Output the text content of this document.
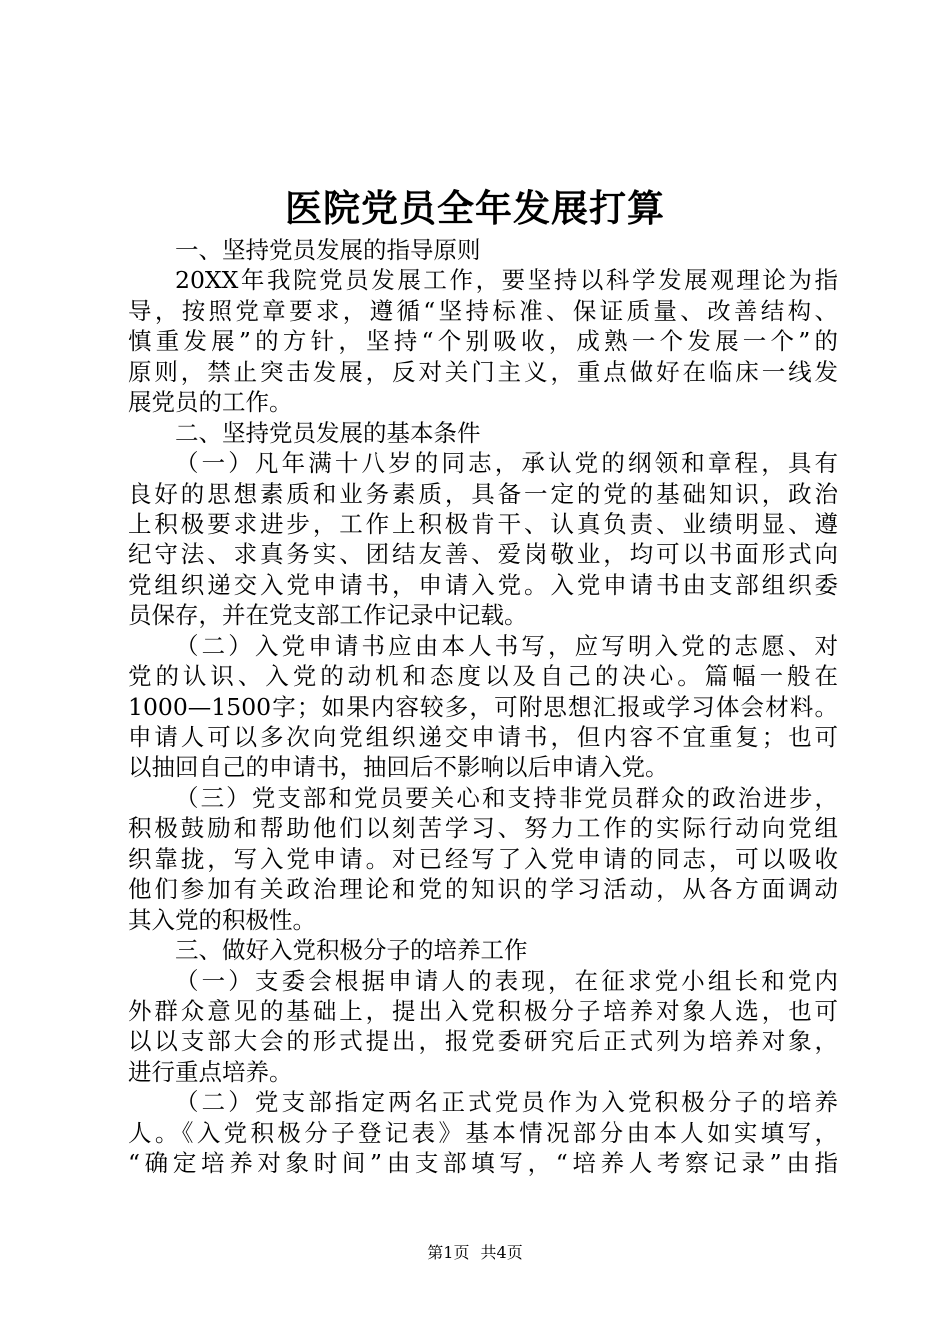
医院党员全年发展打算
一、坚持党员发展的指导原则
20XX年我院党员发展工作，要坚持以科学发展观理论为指
导，按照党章要求，遵循“坚持标准、保证质量、改善结构、
慎重发展”的方针，坚持“个别吸收，成熟一个发展一个”的
原则，禁止突击发展，反对关门主义，重点做好在临床一线发
展党员的工作。
二、坚持党员发展的基本条件
（一）凡年满十八岁的同志，承认党的纲领和章程，具有
良好的思想素质和业务素质，具备一定的党的基础知识，政治
上积极要求进步，工作上积极肯干、认真负责、业绩明显、遵
纪守法、求真务实、团结友善、爱岗敬业，均可以书面形式向
党组织递交入党申请书，申请入党。入党申请书由支部组织委
员保存，并在党支部工作记录中记载。
（二）入党申请书应由本人书写，应写明入党的志愿、对
党的认识、入党的动机和态度以及自己的决心。篇幅一般在
1000—1500字；如果内容较多，可附思想汇报或学习体会材料。
申请人可以多次向党组织递交申请书，但内容不宜重复；也可
以抽回自己的申请书，抽回后不影响以后申请入党。
（三）党支部和党员要关心和支持非党员群众的政治进步，
积极鼓励和帮助他们以刻苦学习、努力工作的实际行动向党组
织靠拢，写入党申请。对已经写了入党申请的同志，可以吸收
他们参加有关政治理论和党的知识的学习活动，从各方面调动
其入党的积极性。
三、做好入党积极分子的培养工作
（一）支委会根据申请人的表现，在征求党小组长和党内
外群众意见的基础上，提出入党积极分子培养对象人选，也可
以以支部大会的形式提出，报党委研究后正式列为培养对象，
进行重点培养。
（二）党支部指定两名正式党员作为入党积极分子的培养
人。《入党积极分子登记表》基本情况部分由本人如实填写，
“确定培养对象时间”由支部填写，“培养人考察记录”由指
第1页 共4页
